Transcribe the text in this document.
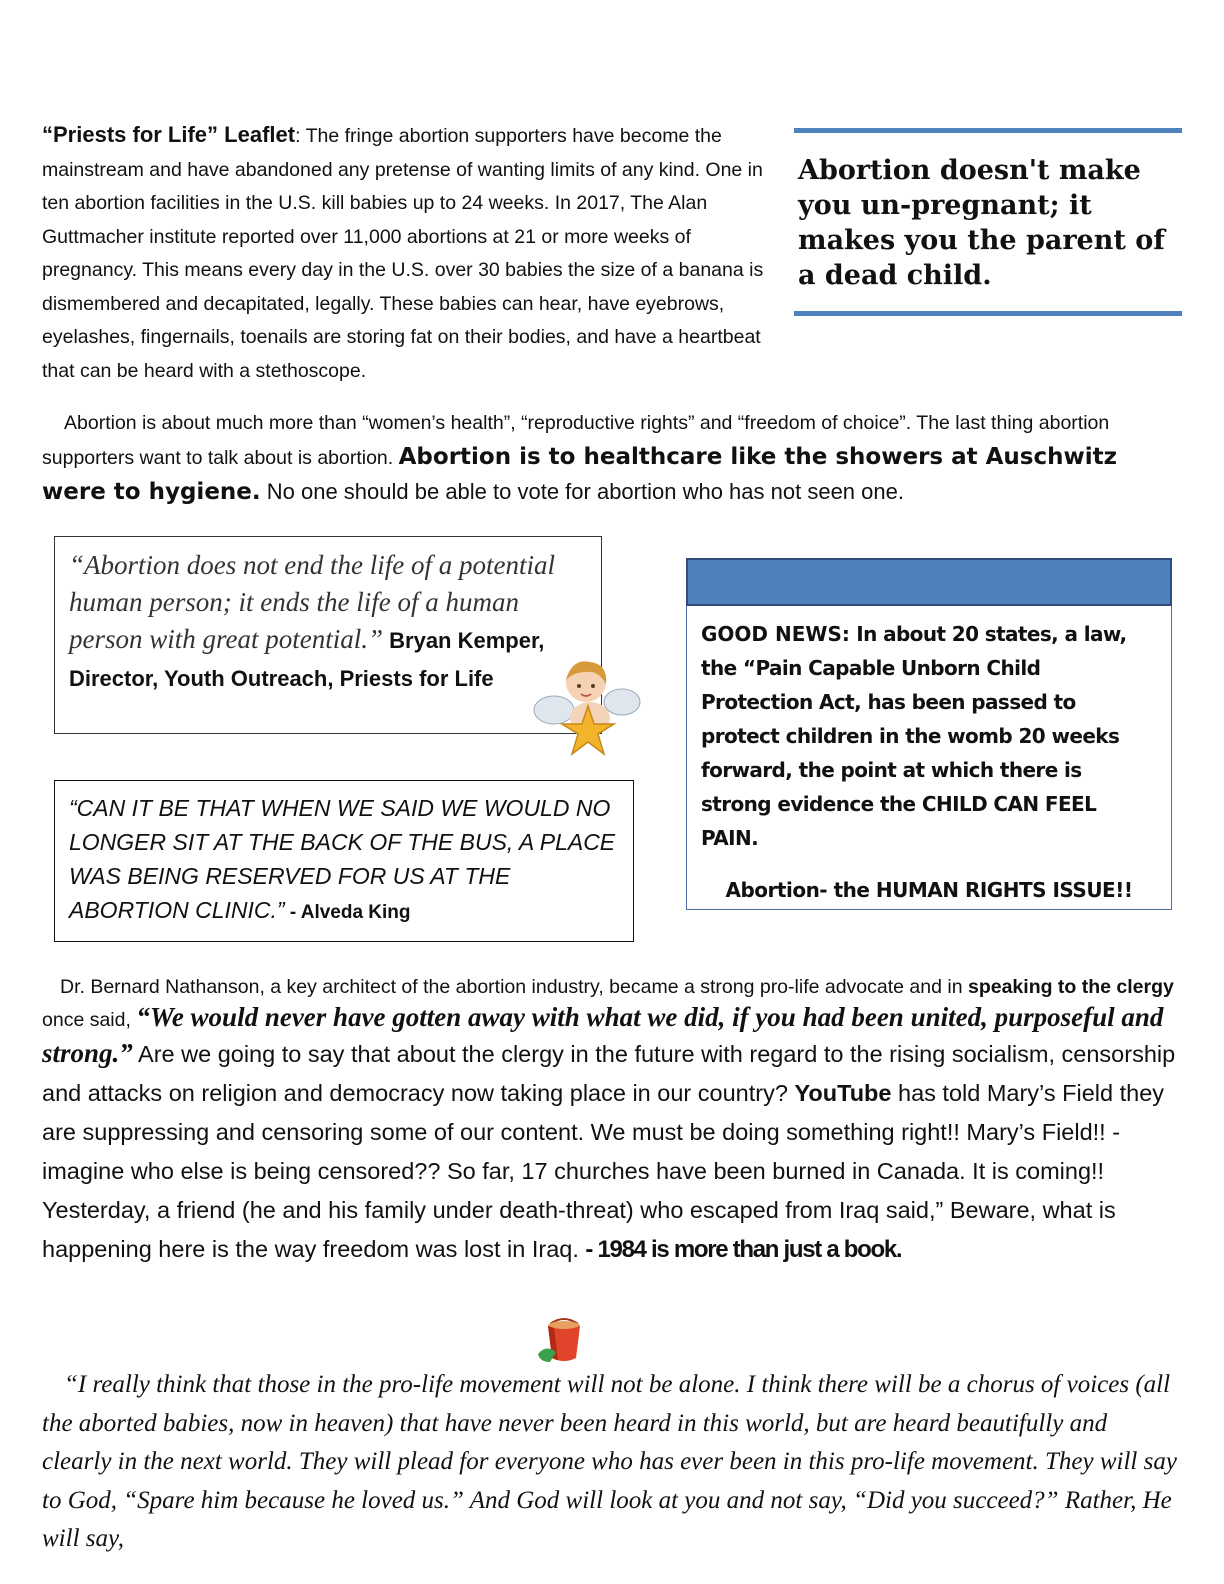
Abortion doesn't make you un-pregnant; it makes you the parent of a dead child.
“Priests for Life” Leaflet: The fringe abortion supporters have become the mainstream and have abandoned any pretense of wanting limits of any kind. One in ten abortion facilities in the U.S. kill babies up to 24 weeks. In 2017, The Alan Guttmacher institute reported over 11,000 abortions at 21 or more weeks of pregnancy. This means every day in the U.S. over 30 babies the size of a banana is dismembered and decapitated, legally. These babies can hear, have eyebrows, eyelashes, fingernails, toenails are storing fat on their bodies, and have a heartbeat that can be heard with a stethoscope.
Abortion is about much more than “women’s health”, “reproductive rights” and “freedom of choice”. The last thing abortion supporters want to talk about is abortion. Abortion is to healthcare like the showers at Auschwitz were to hygiene. No one should be able to vote for abortion who has not seen one.
“Abortion does not end the life of a potential human person; it ends the life of a human person with great potential.” Bryan Kemper, Director, Youth Outreach, Priests for Life
“CAN IT BE THAT WHEN WE SAID WE WOULD NO LONGER SIT AT THE BACK OF THE BUS, A PLACE WAS BEING RESERVED FOR US AT THE ABORTION CLINIC.” - Alveda King
GOOD NEWS: In about 20 states, a law, the “Pain Capable Unborn Child Protection Act, has been passed to protect children in the womb 20 weeks forward, the point at which there is strong evidence the CHILD CAN FEEL PAIN.
Abortion- the HUMAN RIGHTS ISSUE!!
Dr. Bernard Nathanson, a key architect of the abortion industry, became a strong pro-life advocate and in speaking to the clergy once said, “We would never have gotten away with what we did, if you had been united, purposeful and strong.” Are we going to say that about the clergy in the future with regard to the rising socialism, censorship and attacks on religion and democracy now taking place in our country? YouTube has told Mary’s Field they are suppressing and censoring some of our content. We must be doing something right!! Mary’s Field!! - imagine who else is being censored?? So far, 17 churches have been burned in Canada. It is coming!! Yesterday, a friend (he and his family under death-threat) who escaped from Iraq said,” Beware, what is happening here is the way freedom was lost in Iraq. - 1984 is more than just a book.
“I really think that those in the pro-life movement will not be alone. I think there will be a chorus of voices (all the aborted babies, now in heaven) that have never been heard in this world, but are heard beautifully and clearly in the next world. They will plead for everyone who has ever been in this pro-life movement. They will say to God, “Spare him because he loved us.” And God will look at you and not say, “Did you succeed?” Rather, He will say,
